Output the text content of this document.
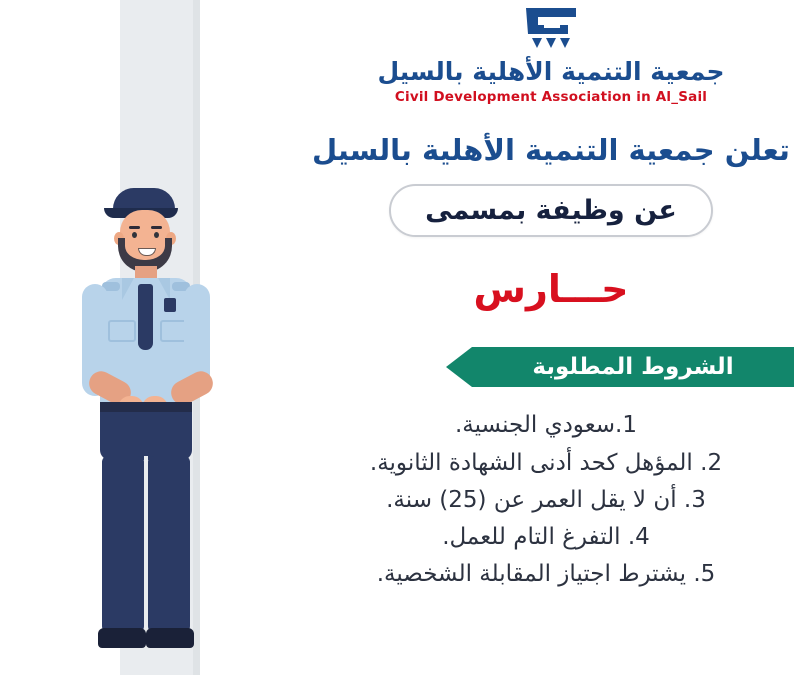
جمعية التنمية الأهلية بالسيل
Civil Development Association in Al_Sail
تعلن جمعية التنمية الأهلية بالسيل
عن وظيفة بمسمى
حـــارس
الشروط المطلوبة
1.سعودي الجنسية.
2. المؤهل كحد أدنى الشهادة الثانوية.
3. أن لا يقل العمر عن (25) سنة.
4. التفرغ التام للعمل.
5. يشترط اجتياز المقابلة الشخصية.
